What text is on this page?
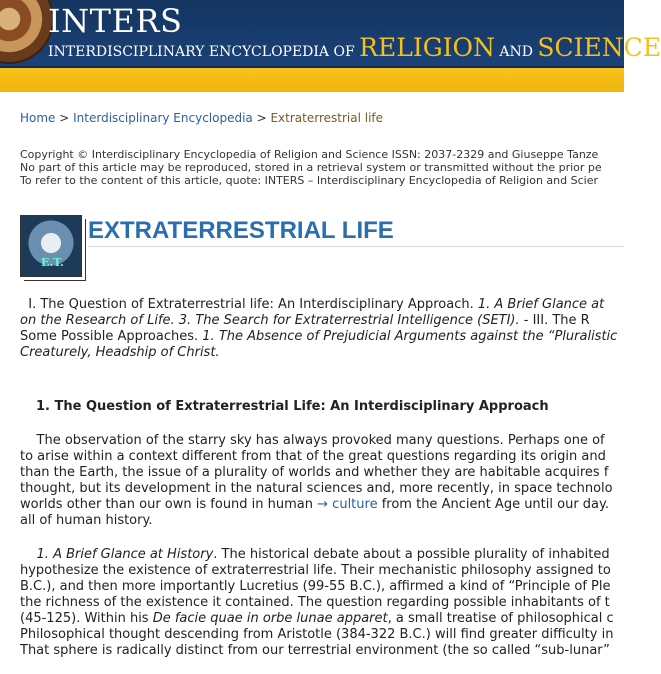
INTERS
INTERDISCIPLINARY ENCYCLOPEDIA OF RELIGION AND SCIENCE
Home > Interdisciplinary Encyclopedia > Extraterrestrial life
Copyright © Interdisciplinary Encyclopedia of Religion and Science ISSN: 2037-2329 and Giuseppe Tanze
No part of this article may be reproduced, stored in a retrieval system or transmitted without the prior pe
To refer to the content of this article, quote: INTERS – Interdisciplinary Encyclopedia of Religion and Scier
E.T.
EXTRATERRESTRIAL LIFE
I. The Question of Extraterrestrial life: An Interdisciplinary Approach. 1. A Brief Glance at
on the Research of Life. 3. The Search for Extraterrestrial Intelligence (SETI). - III. The R
Some Possible Approaches. 1. The Absence of Prejudicial Arguments against the “Pluralistic
Creaturely, Headship of Christ.
1. The Question of Extraterrestrial Life: An Interdisciplinary Approach
The observation of the starry sky has always provoked many questions. Perhaps one of
to arise within a context different from that of the great questions regarding its origin and
than the Earth, the issue of a plurality of worlds and whether they are habitable acquires f
thought, but its development in the natural sciences and, more recently, in space technolo
worlds other than our own is found in human → culture from the Ancient Age until our day.
all of human history.
1. A Brief Glance at History. The historical debate about a possible plurality of inhabited
hypothesize the existence of extraterrestrial life. Their mechanistic philosophy assigned to
B.C.), and then more importantly Lucretius (99-55 B.C.), affirmed a kind of “Principle of Ple
the richness of the existence it contained. The question regarding possible inhabitants of t
(45-125). Within his De facie quae in orbe lunae apparet, a small treatise of philosophical c
Philosophical thought descending from Aristotle (384-322 B.C.) will find greater difficulty in
That sphere is radically distinct from our terrestrial environment (the so called “sub-lunar”
